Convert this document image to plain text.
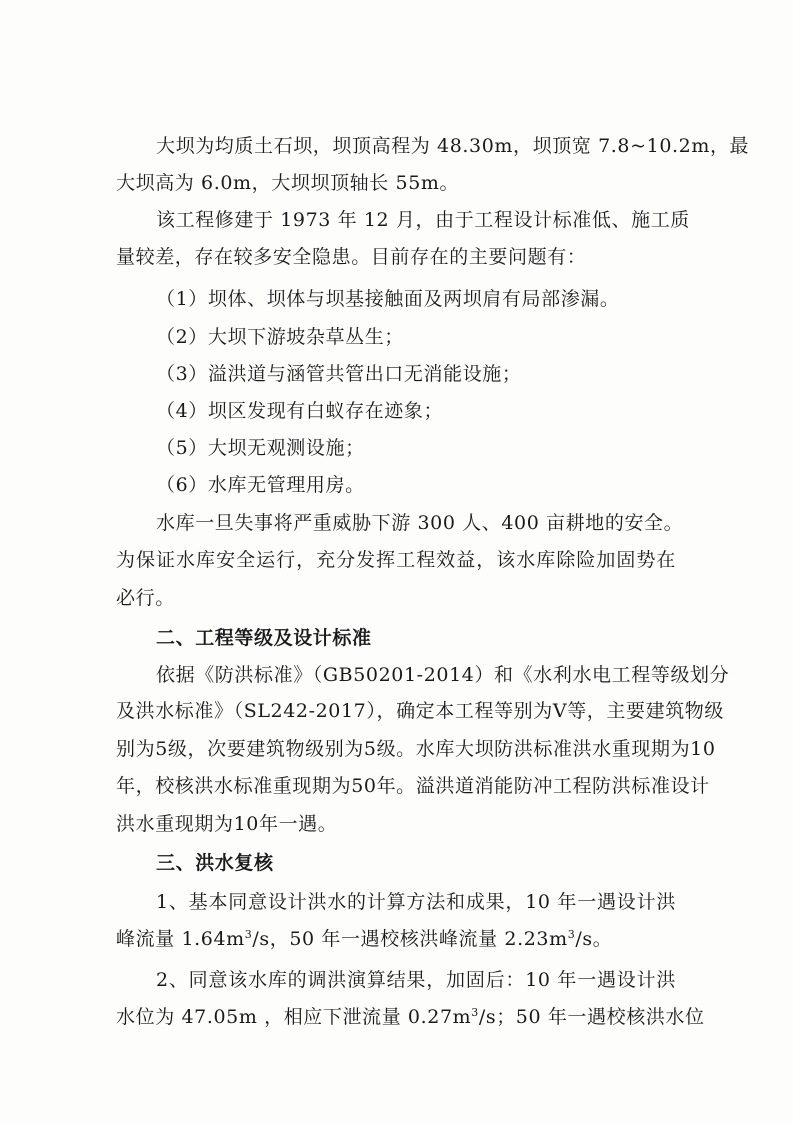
大坝为均质土石坝，坝顶高程为 48.30m，坝顶宽 7.8~10.2m，最
大坝高为 6.0m，大坝坝顶轴长 55m。
该工程修建于 1973 年 12 月，由于工程设计标准低、施工质
量较差，存在较多安全隐患。目前存在的主要问题有：
（1）坝体、坝体与坝基接触面及两坝肩有局部渗漏。
（2）大坝下游坡杂草丛生；
（3）溢洪道与涵管共管出口无消能设施；
（4）坝区发现有白蚁存在迹象；
（5）大坝无观测设施；
（6）水库无管理用房。
水库一旦失事将严重威胁下游 300 人、400 亩耕地的安全。
为保证水库安全运行，充分发挥工程效益，该水库除险加固势在
必行。
二、工程等级及设计标准
依据《防洪标准》（GB50201-2014）和《水利水电工程等级划分
及洪水标准》（SL242-2017），确定本工程等别为Ⅴ等，主要建筑物级
别为5级，次要建筑物级别为5级。水库大坝防洪标准洪水重现期为10
年，校核洪水标准重现期为50年。溢洪道消能防冲工程防洪标准设计
洪水重现期为10年一遇。
三、洪水复核
1、基本同意设计洪水的计算方法和成果，10 年一遇设计洪
峰流量 $1.64m^3/s$，50 年一遇校核洪峰流量 $2.23m^3/s$。
2、同意该水库的调洪演算结果，加固后：10 年一遇设计洪
水位为 47.05m ，相应下泄流量 $0.27m^3/s$；50 年一遇校核洪水位
